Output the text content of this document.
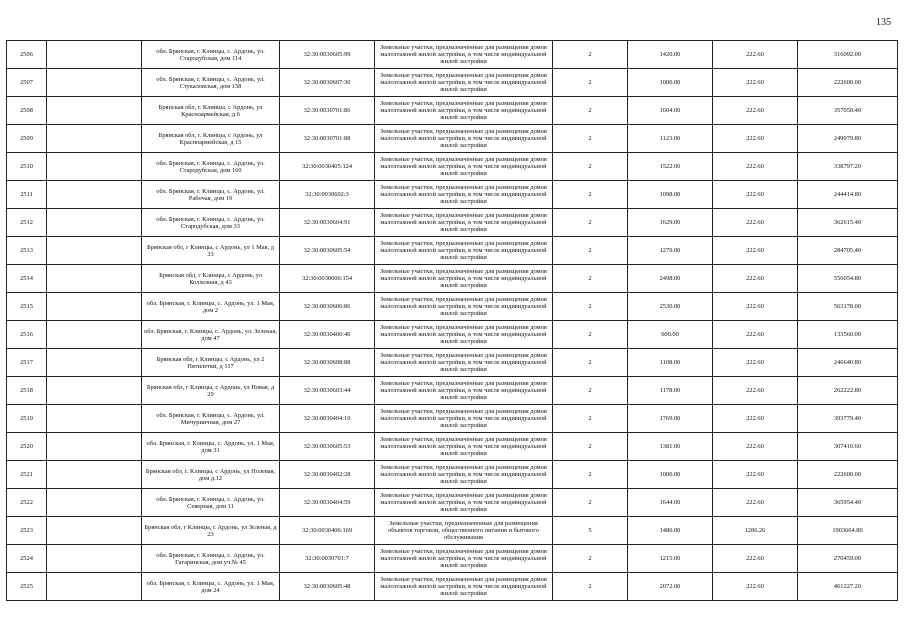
135
2506		обл. Брянская, г. Клинцы, с. Ардонь, ул. Стародубская, дом 114	32:30:0030605:99	Земельные участки, предназначенные для размещения домов малоэтажной жилой застройки, в том числе индивидуальной жилой застройки	2	1420.00	222.60	316092.00
2507		обл. Брянская, г. Клинцы, с. Ардонь, ул. Стукаловская, дом 158	32:30:0030607:30	Земельные участки, предназначенные для размещения домов малоэтажной жилой застройки, в том числе индивидуальной жилой застройки	2	1000.00	222.60	222600.00
2508		Брянская обл, г. Клинцы, с Ардонь, ул Красноармейская, д 6	32:30:0030701:86	Земельные участки, предназначенные для размещения домов малоэтажной жилой застройки, в том числе индивидуальной жилой застройки	2	1604.00	222.60	357050.40
2509		Брянская обл, г. Клинцы, с Ардонь, ул Красноармейская, д 15	32:30:0030701:88	Земельные участки, предназначенные для размещения домов малоэтажной жилой застройки, в том числе индивидуальной жилой застройки	2	1123.00	222.60	249979.80
2510		обл. Брянская, г. Клинцы, с. Ардонь, ул. Стародубская, дом 160	32:30:0030405:124	Земельные участки, предназначенные для размещения домов малоэтажной жилой застройки, в том числе индивидуальной жилой застройки	2	1522.00	222.60	338797.20
2511		обл. Брянская, г. Клинцы, с. Ардонь, ул. Рабочая, дом 19	32:30:0030602:3	Земельные участки, предназначенные для размещения домов малоэтажной жилой застройки, в том числе индивидуальной жилой застройки	2	1098.00	222.60	244414.80
2512		обл. Брянская, г. Клинцы, с. Ардонь, ул. Стародубская, дом 33	32:30:0030604:91	Земельные участки, предназначенные для размещения домов малоэтажной жилой застройки, в том числе индивидуальной жилой застройки	2	1629.00	222.60	362615.40
2513		Брянская обл, г Клинцы, с Ардонь, ул 1 Мая, д 33	32:30:0030605:54	Земельные участки, предназначенные для размещения домов малоэтажной жилой застройки, в том числе индивидуальной жилой застройки	2	1279.00	222.60	284705.40
2514		Брянская обл, г Клинцы, с Ардонь, ул Колхозная, д 43	32:30:0030606:154	Земельные участки, предназначенные для размещения домов малоэтажной жилой застройки, в том числе индивидуальной жилой застройки	2	2498.00	222.60	556054.80
2515		обл. Брянская, г. Клинцы, с. Ардонь, ул. 1 Мая, дом 2	32:30:0030606:86	Земельные участки, предназначенные для размещения домов малоэтажной жилой застройки, в том числе индивидуальной жилой застройки	2	2530.00	222.60	563178.00
2516		обл. Брянская, г. Клинцы, с. Ардонь, ул. Зеленая, дом 47	32:30:0030406:40	Земельные участки, предназначенные для размещения домов малоэтажной жилой застройки, в том числе индивидуальной жилой застройки	2	600.00	222.60	133560.00
2517		Брянская обл, г Клинцы, с Ардонь, ул 2 Пятилетки, д 117	32:30:0030608:88	Земельные участки, предназначенные для размещения домов малоэтажной жилой застройки, в том числе индивидуальной жилой застройки	2	1108.00	222.60	246640.80
2518		Брянская обл, г Клинцы, с Ардонь, ул Новая, д 29	32:30:0030603:44	Земельные участки, предназначенные для размещения домов малоэтажной жилой застройки, в том числе индивидуальной жилой застройки	2	1178.00	222.60	262222.80
2519		обл. Брянская, г. Клинцы, с. Ардонь, ул. Мичуриичная, дом 27	32:30:0030404:10	Земельные участки, предназначенные для размещения домов малоэтажной жилой застройки, в том числе индивидуальной жилой застройки	2	1769.00	222.60	393779.40
2520		обл. Брянская, г. Клинцы, с. Ардонь, ул. 1 Мая, дом 31	32:30:0030605:53	Земельные участки, предназначенные для размещения домов малоэтажной жилой застройки, в том числе индивидуальной жилой застройки	2	1381.00	222.60	307410.60
2521		Брянская обл, г. Клинцы, с Ардонь, ул Полевая, дом д.12	32:30:0030402:28	Земельные участки, предназначенные для размещения домов малоэтажной жилой застройки, в том числе индивидуальной жилой застройки	2	1000.00	222.60	222600.00
2522		обл. Брянская, г. Клинцы, с. Ардонь, ул. Северная, дом 11	32:30:0030404:59	Земельные участки, предназначенные для размещения домов малоэтажной жилой застройки, в том числе индивидуальной жилой застройки	2	1644.00	222.60	365954.40
2523		Брянская обл, г Клинцы, с Ардонь, ул Зеленая, д 23	32:30:0030406:169	Земельные участки, предназначенные для размещения объектов торговли, общественного питания и бытового обслуживания	5	1480.00	1286.26	1903664.80
2524		обл. Брянская, г. Клинцы, с. Ардонь, ул. Гагаринская, дом уч.№ 45	32:30:0030701:7	Земельные участки, предназначенные для размещения домов малоэтажной жилой застройки, в том числе индивидуальной жилой застройки	2	1215.00	222.60	270459.00
2525		обл. Брянская, г. Клинцы, с. Ардонь, ул. 1 Мая, дом 24	32:30:0030605:48	Земельные участки, предназначенные для размещения домов малоэтажной жилой застройки, в том числе индивидуальной жилой застройки	2	2072.00	222.60	461227.20
